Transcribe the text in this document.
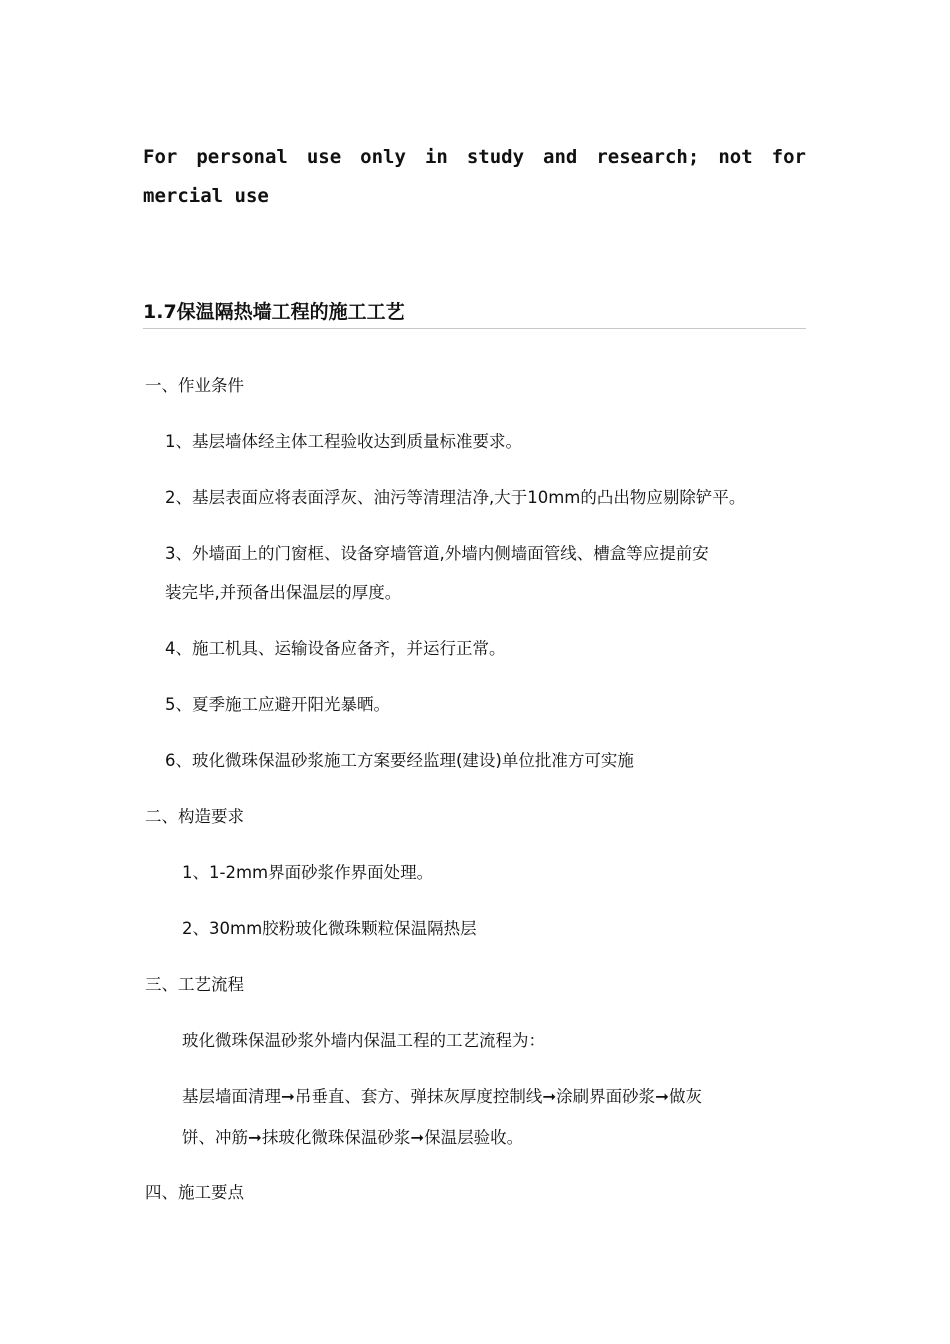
For personal use only in study and research; not for
mercial use
1.7保温隔热墙工程的施工工艺
一、作业条件
1、基层墙体经主体工程验收达到质量标准要求。
2、基层表面应将表面浮灰、油污等清理洁净,大于10mm的凸出物应剔除铲平。
3、外墙面上的门窗框、设备穿墙管道,外墙内侧墙面管线、槽盒等应提前安
装完毕,并预备出保温层的厚度。
4、施工机具、运输设备应备齐，并运行正常。
5、夏季施工应避开阳光暴晒。
6、玻化微珠保温砂浆施工方案要经监理(建设)单位批准方可实施
二、构造要求
1、1-2mm界面砂浆作界面处理。
2、30mm胶粉玻化微珠颗粒保温隔热层
三、工艺流程
玻化微珠保温砂浆外墙内保温工程的工艺流程为：
基层墙面清理➞吊垂直、套方、弹抹灰厚度控制线➞涂刷界面砂浆➞做灰
饼、冲筋➞抹玻化微珠保温砂浆➞保温层验收。
四、施工要点
